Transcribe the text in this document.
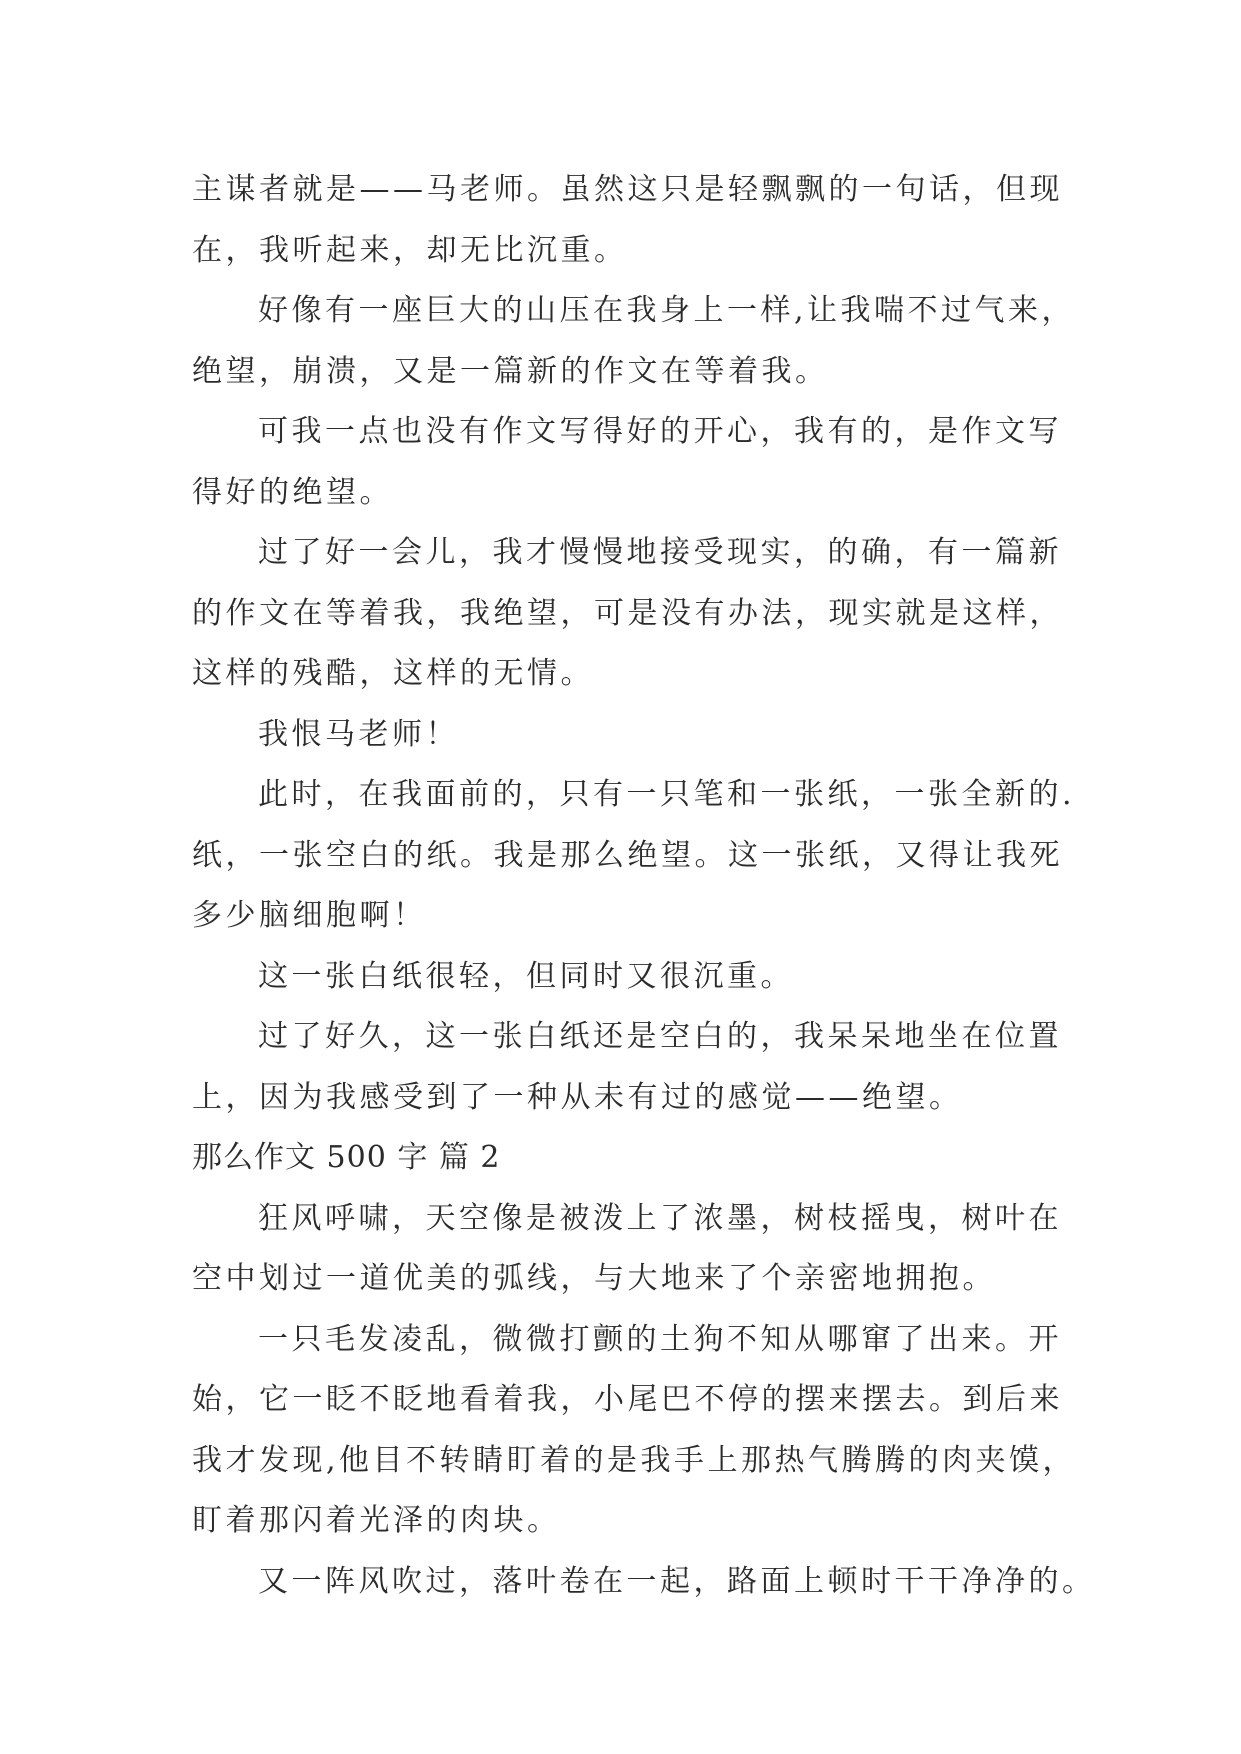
主谋者就是——马老师。虽然这只是轻飘飘的一句话，但现
在，我听起来，却无比沉重。
好像有一座巨大的山压在我身上一样,让我喘不过气来，
绝望，崩溃，又是一篇新的作文在等着我。
可我一点也没有作文写得好的开心，我有的，是作文写
得好的绝望。
过了好一会儿，我才慢慢地接受现实，的确，有一篇新
的作文在等着我，我绝望，可是没有办法，现实就是这样，
这样的残酷，这样的无情。
我恨马老师！
此时，在我面前的，只有一只笔和一张纸，一张全新的.
纸，一张空白的纸。我是那么绝望。这一张纸，又得让我死
多少脑细胞啊！
这一张白纸很轻，但同时又很沉重。
过了好久，这一张白纸还是空白的，我呆呆地坐在位置
上，因为我感受到了一种从未有过的感觉——绝望。
那么作文 500 字 篇 2
狂风呼啸，天空像是被泼上了浓墨，树枝摇曳，树叶在
空中划过一道优美的弧线，与大地来了个亲密地拥抱。
一只毛发凌乱，微微打颤的土狗不知从哪窜了出来。开
始，它一眨不眨地看着我，小尾巴不停的摆来摆去。到后来
我才发现,他目不转睛盯着的是我手上那热气腾腾的肉夹馍，
盯着那闪着光泽的肉块。
又一阵风吹过，落叶卷在一起，路面上顿时干干净净的。
